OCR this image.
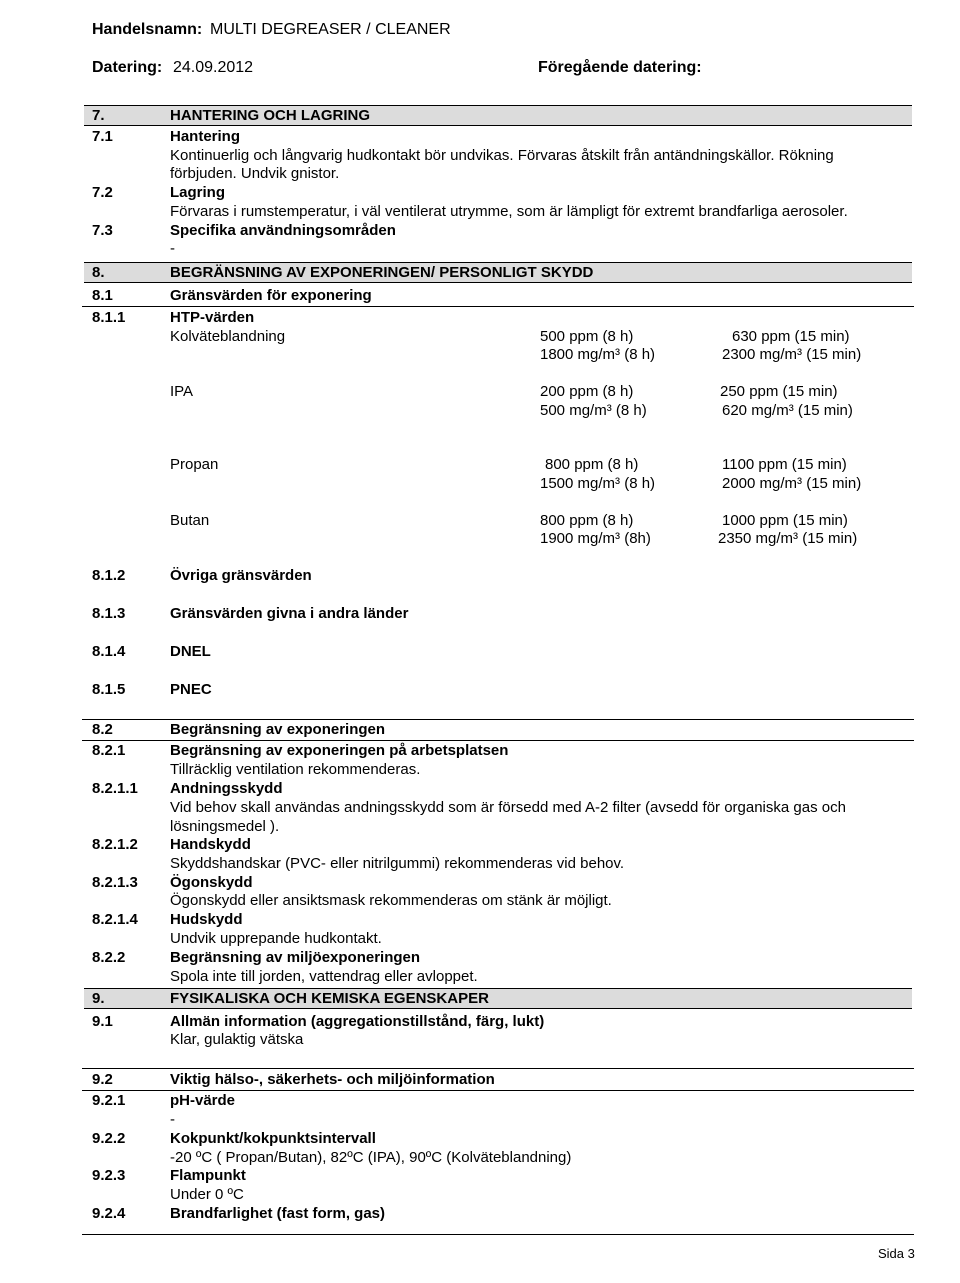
Handelsnamn: MULTI DEGREASER / CLEANER
Datering: 24.09.2012	Föregående datering:
7.	HANTERING OCH LAGRING
7.1	Hantering
Kontinuerlig och långvarig hudkontakt bör undvikas. Förvaras åtskilt från antändningskällor. Rökning
förbjuden. Undvik gnistor.
7.2	Lagring
Förvaras i rumstemperatur, i väl ventilerat utrymme, som är lämpligt för extremt brandfarliga aerosoler.
7.3	Specifika användningsområden
-
8.	BEGRÄNSNING AV EXPONERINGEN/ PERSONLIGT SKYDD
8.1	Gränsvärden för exponering
8.1.1	HTP-värden
Kolväteblandning	500 ppm (8 h)	630 ppm (15 min)
1800 mg/m³ (8 h)	2300 mg/m³ (15 min)
IPA	200 ppm (8 h)	250 ppm (15 min)
500 mg/m³ (8 h)	620 mg/m³ (15 min)
Propan	800 ppm (8 h)	1100 ppm (15 min)
1500 mg/m³ (8 h)	2000 mg/m³ (15 min)
Butan	800 ppm (8 h)	1000 ppm (15 min)
1900 mg/m³ (8h)	2350 mg/m³ (15 min)
8.1.2	Övriga gränsvärden
8.1.3	Gränsvärden givna i andra länder
8.1.4	DNEL
8.1.5	PNEC
8.2	Begränsning av exponeringen
8.2.1	Begränsning av exponeringen på arbetsplatsen
Tillräcklig ventilation rekommenderas.
8.2.1.1 Andningsskydd
Vid behov skall användas andningsskydd som är försedd med A-2 filter (avsedd för organiska gas och
lösningsmedel ).
8.2.1.2 Handskydd
Skyddshandskar (PVC- eller nitrilgummi) rekommenderas vid behov.
8.2.1.3 Ögonskydd
Ögonskydd eller ansiktsmask rekommenderas om stänk är möjligt.
8.2.1.4 Hudskydd
Undvik upprepande hudkontakt.
8.2.2	Begränsning av miljöexponeringen
Spola inte till jorden, vattendrag eller avloppet.
9.	FYSIKALISKA OCH KEMISKA EGENSKAPER
9.1	Allmän information (aggregationstillstånd, färg, lukt)
Klar, gulaktig vätska
9.2	Viktig hälso-, säkerhets- och miljöinformation
9.2.1	pH-värde
-
9.2.2	Kokpunkt/kokpunktsintervall
-20 ºC ( Propan/Butan), 82ºC (IPA), 90ºC (Kolväteblandning)
9.2.3	Flampunkt
Under 0 ºC
9.2.4	Brandfarlighet (fast form, gas)
Sida 3
